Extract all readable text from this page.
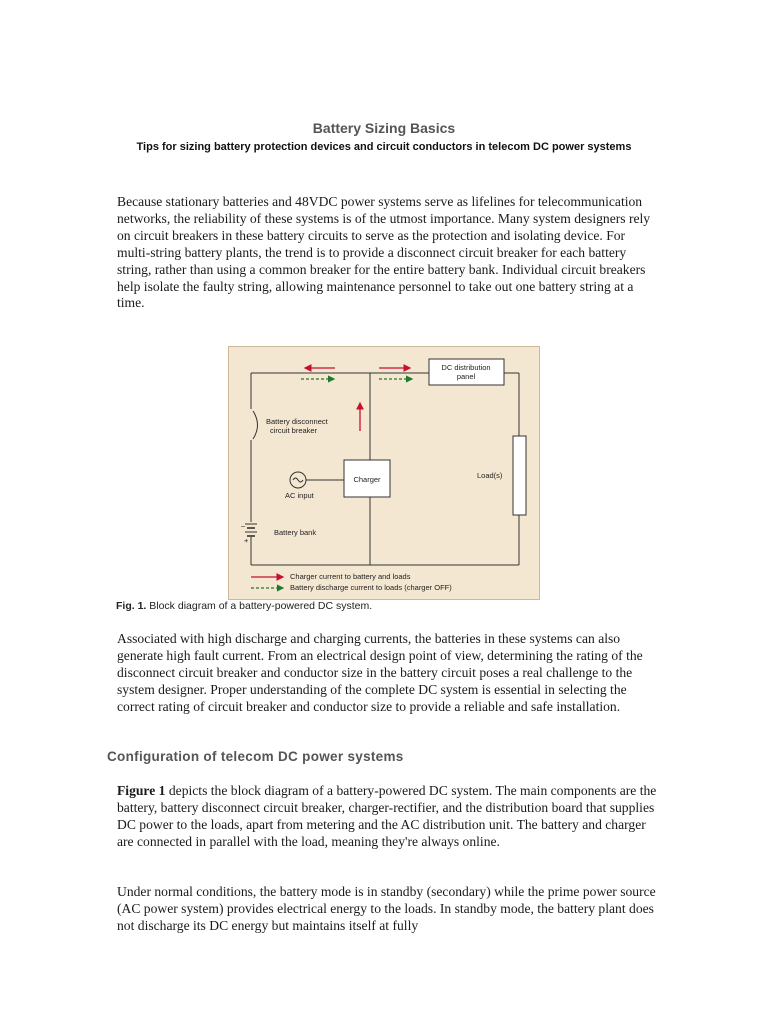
Battery Sizing Basics
Tips for sizing battery protection devices and circuit conductors in telecom DC power systems

Because stationary batteries and 48VDC power systems serve as lifelines for telecommunication networks, the reliability of these systems is of the utmost importance. Many system designers rely on circuit breakers in these battery circuits to serve as the protection and isolating device. For multi-string battery plants, the trend is to provide a disconnect circuit breaker for each battery string, rather than using a common breaker for the entire battery bank. Individual circuit breakers help isolate the faulty string, allowing maintenance personnel to take out one battery string at a time.

–
+
Charger
DC distribution
panel
Load(s)
Battery disconnect
circuit breaker
AC input
Battery bank
Charger current to battery and loads
Battery discharge current to loads (charger OFF)
Fig. 1. Block diagram of a battery-powered DC system.

Associated with high discharge and charging currents, the batteries in these systems can also generate high fault current. From an electrical design point of view, determining the rating of the disconnect circuit breaker and conductor size in the battery circuit poses a real challenge to the system designer. Proper understanding of the complete DC system is essential in selecting the correct rating of circuit breaker and conductor size to provide a reliable and safe installation.

Configuration of telecom DC power systems

Figure 1 depicts the block diagram of a battery-powered DC system. The main components are the battery, battery disconnect circuit breaker, charger-rectifier, and the distribution board that supplies DC power to the loads, apart from metering and the AC distribution unit. The battery and charger are connected in parallel with the load, meaning they're always online.

Under normal conditions, the battery mode is in standby (secondary) while the prime power source (AC power system) provides electrical energy to the loads. In standby mode, the battery plant does not discharge its DC energy but maintains itself at fully
